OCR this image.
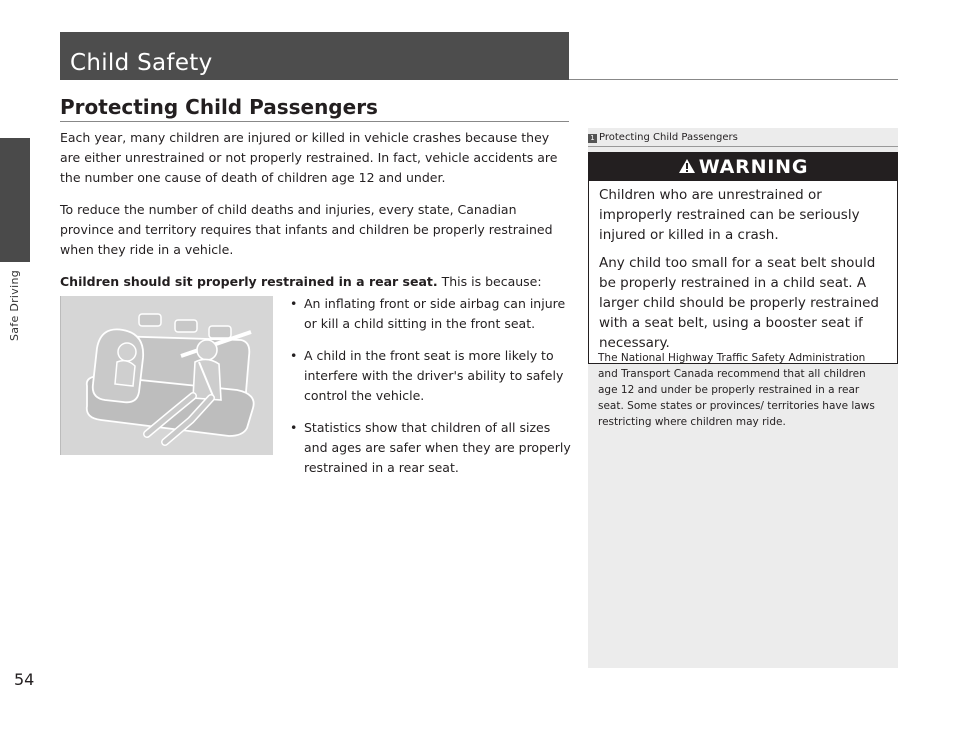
Safe Driving
54
Child Safety
Protecting Child Passengers
Each year, many children are injured or killed in vehicle crashes because they are either unrestrained or not properly restrained. In fact, vehicle accidents are the number one cause of death of children age 12 and under.
To reduce the number of child deaths and injuries, every state, Canadian province and territory requires that infants and children be properly restrained when they ride in a vehicle.
Children should sit properly restrained in a rear seat. This is because:
• An inflating front or side airbag can injure or kill a child sitting in the front seat.
• A child in the front seat is more likely to interfere with the driver's ability to safely control the vehicle.
• Statistics show that children of all sizes and ages are safer when they are properly restrained in a rear seat.
1 Protecting Child Passengers
WARNING

Children who are unrestrained or improperly restrained can be seriously injured or killed in a crash.

Any child too small for a seat belt should be properly restrained in a child seat. A larger child should be properly restrained with a seat belt, using a booster seat if necessary.

The National Highway Traffic Safety Administration and Transport Canada recommend that all children age 12 and under be properly restrained in a rear seat. Some states or provinces/ territories have laws restricting where children may ride.
